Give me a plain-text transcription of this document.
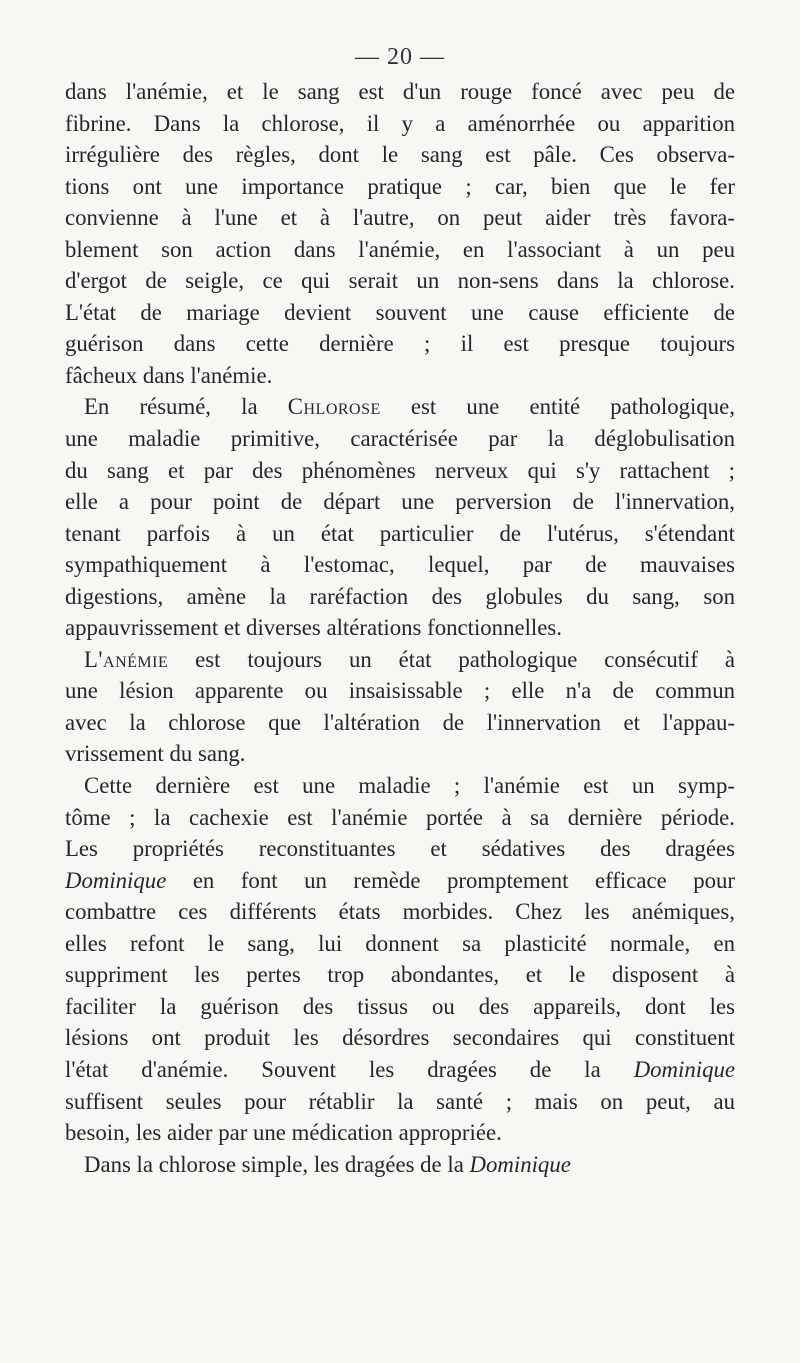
— 20 —
dans l'anémie, et le sang est d'un rouge foncé avec peu de
fibrine. Dans la chlorose, il y a aménorrhée ou apparition
irrégulière des règles, dont le sang est pâle. Ces observa-
tions ont une importance pratique ; car, bien que le fer
convienne à l'une et à l'autre, on peut aider très favora-
blement son action dans l'anémie, en l'associant à un peu
d'ergot de seigle, ce qui serait un non-sens dans la chlorose.
L'état de mariage devient souvent une cause efficiente de
guérison dans cette dernière ; il est presque toujours
fâcheux dans l'anémie.
En résumé, la Chlorose est une entité pathologique,
une maladie primitive, caractérisée par la déglobulisation
du sang et par des phénomènes nerveux qui s'y rattachent ;
elle a pour point de départ une perversion de l'innervation,
tenant parfois à un état particulier de l'utérus, s'étendant
sympathiquement à l'estomac, lequel, par de mauvaises
digestions, amène la raréfaction des globules du sang, son
appauvrissement et diverses altérations fonctionnelles.
L'anémie est toujours un état pathologique consécutif à
une lésion apparente ou insaisissable ; elle n'a de commun
avec la chlorose que l'altération de l'innervation et l'appau-
vrissement du sang.
Cette dernière est une maladie ; l'anémie est un symp-
tôme ; la cachexie est l'anémie portée à sa dernière période.
Les propriétés reconstituantes et sédatives des dragées
Dominique en font un remède promptement efficace pour
combattre ces différents états morbides. Chez les anémiques,
elles refont le sang, lui donnent sa plasticité normale, en
suppriment les pertes trop abondantes, et le disposent à
faciliter la guérison des tissus ou des appareils, dont les
lésions ont produit les désordres secondaires qui constituent
l'état d'anémie. Souvent les dragées de la Dominique
suffisent seules pour rétablir la santé ; mais on peut, au
besoin, les aider par une médication appropriée.
Dans la chlorose simple, les dragées de la Dominique
